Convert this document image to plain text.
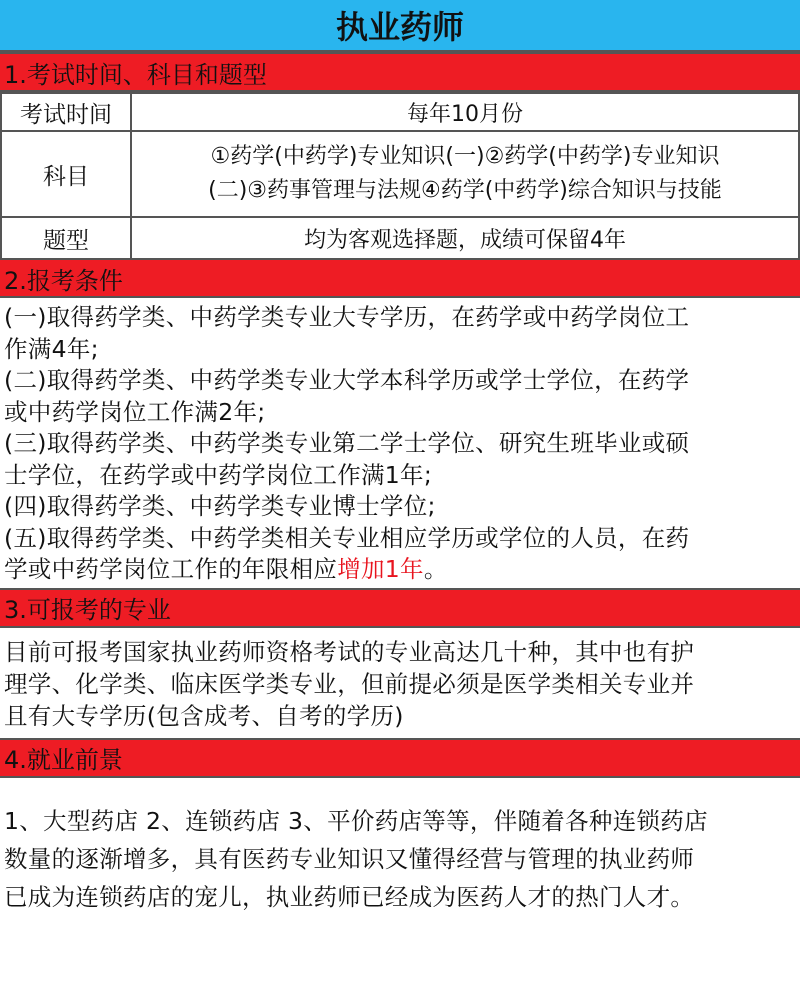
执业药师
1.考试时间、科目和题型
考试时间	每年10月份
科目	①药学(中药学)专业知识(一)②药学(中药学)专业知识
(二)③药事管理与法规④药学(中药学)综合知识与技能

题型	均为客观选择题，成绩可保留4年
2.报考条件
(一)取得药学类、中药学类专业大专学历，在药学或中药学岗位工
作满4年;
(二)取得药学类、中药学类专业大学本科学历或学士学位，在药学
或中药学岗位工作满2年;
(三)取得药学类、中药学类专业第二学士学位、研究生班毕业或硕
士学位，在药学或中药学岗位工作满1年;
(四)取得药学类、中药学类专业博士学位;
(五)取得药学类、中药学类相关专业相应学历或学位的人员，在药
学或中药学岗位工作的年限相应增加1年。
3.可报考的专业
目前可报考国家执业药师资格考试的专业高达几十种，其中也有护
理学、化学类、临床医学类专业，但前提必须是医学类相关专业并
且有大专学历(包含成考、自考的学历)
4.就业前景
1、大型药店 2、连锁药店 3、平价药店等等，伴随着各种连锁药店
数量的逐渐增多，具有医药专业知识又懂得经营与管理的执业药师
已成为连锁药店的宠儿，执业药师已经成为医药人才的热门人才。
